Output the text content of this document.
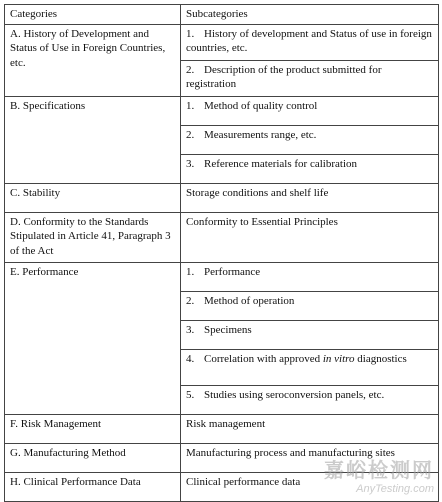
Categories	Subcategories
A. History of Development and Status of Use in Foreign Countries, etc.	1. History of development and Status of use in foreign countries, etc.
	2. Description of the product submitted for registration
B. Specifications	1. Method of quality control
	2. Measurements range, etc.
	3. Reference materials for calibration
C. Stability	Storage conditions and shelf life
D. Conformity to the Standards Stipulated in Article 41, Paragraph 3 of the Act	Conformity to Essential Principles
E. Performance	1. Performance
	2. Method of operation
	3. Specimens
	4. Correlation with approved in vitro diagnostics
	5. Studies using seroconversion panels, etc.
F. Risk Management	Risk management
G. Manufacturing Method	Manufacturing process and manufacturing sites
H. Clinical Performance Data	Clinical performance data 嘉峪检测网
AnyTesting.com
